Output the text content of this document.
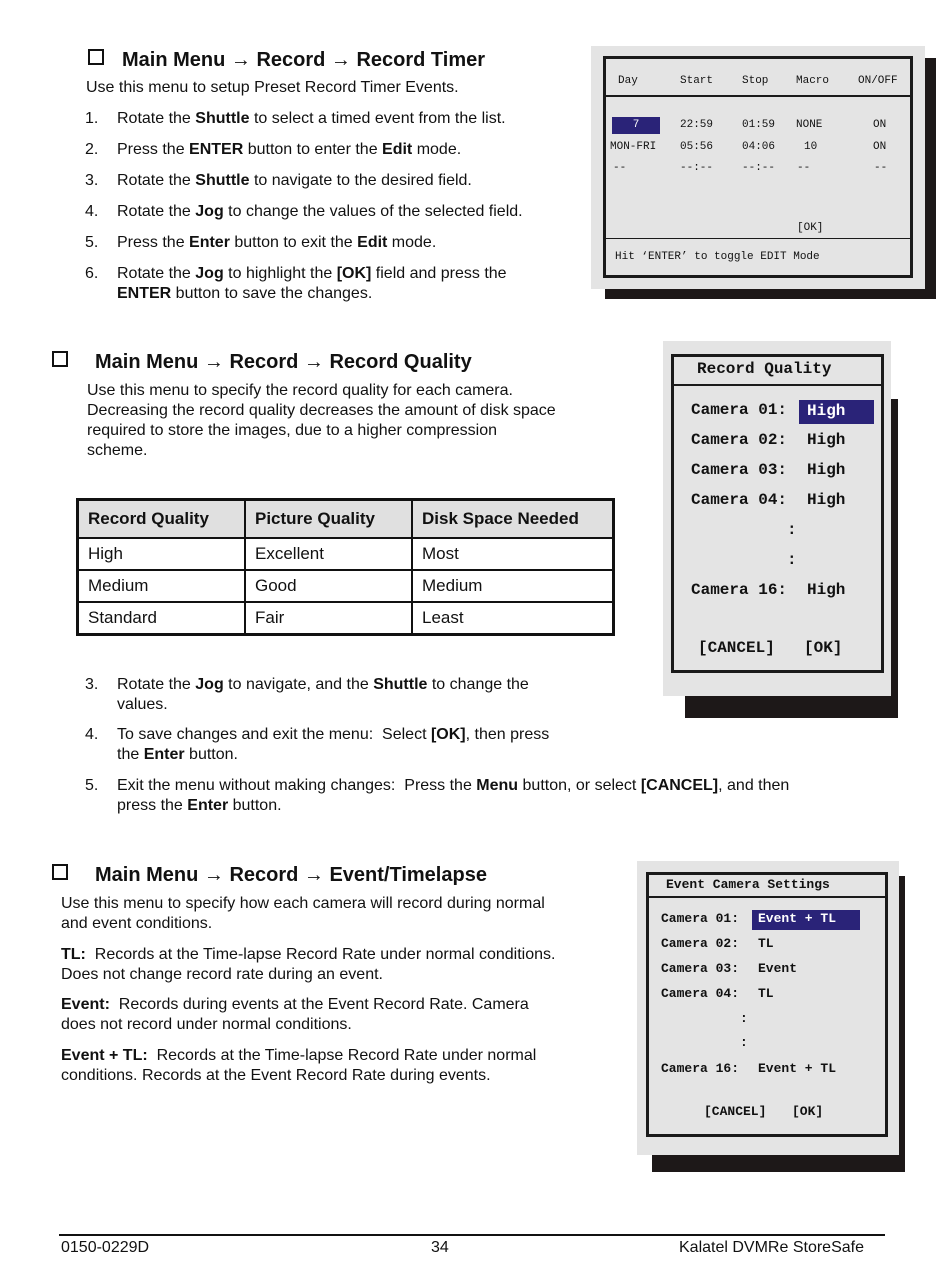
Main Menu → Record → Record Timer
Use this menu to setup Preset Record Timer Events.
1.	Rotate the Shuttle to select a timed event from the list.
2.	Press the ENTER button to enter the Edit mode.
3.	Rotate the Shuttle to navigate to the desired field.
4.	Rotate the Jog to change the values of the selected field.
5.	Press the Enter button to exit the Edit mode.
6.	Rotate the Jog to highlight the [OK] field and press the
ENTER button to save the changes.
Day	Start	Stop	Macro	ON/OFF
7	22:59	01:59 NONE	ON
MON-FRI 05:56	04:06	10	ON
--	--:--	--:-- --	--
[OK]
Hit ‘ENTER’ to toggle EDIT Mode
Main Menu → Record → Record Quality
Use this menu to specify the record quality for each camera.
Decreasing the record quality decreases the amount of disk space
required to store the images, due to a higher compression
scheme.
Record Quality	Picture Quality	Disk Space Needed
High	Excellent	Most
Medium	Good	Medium
Standard	Fair	Least
3.	Rotate the Jog to navigate, and the Shuttle to change the
values.
4.	To save changes and exit the menu:  Select [OK], then press
the Enter button.
5.	Exit the menu without making changes:  Press the Menu button, or select [CANCEL], and then
press the Enter button.
Record Quality
Camera 01:	High
Camera 02: High
Camera 03: High
Camera 04: High
:
:
Camera 16: High
[CANCEL] [OK]
Main Menu → Record → Event/Timelapse
Use this menu to specify how each camera will record during normal
and event conditions.
TL:  Records at the Time-lapse Record Rate under normal conditions.
Does not change record rate during an event.
Event:  Records during events at the Event Record Rate. Camera
does not record under normal conditions.
Event + TL:  Records at the Time-lapse Record Rate under normal
conditions. Records at the Event Record Rate during events.
Event Camera Settings
Camera 01:	Event + TL
Camera 02: TL
Camera 03: Event
Camera 04: TL
:
:
Camera 16: Event + TL
[CANCEL] [OK]
0150-0229D	34	Kalatel DVMRe StoreSafe
